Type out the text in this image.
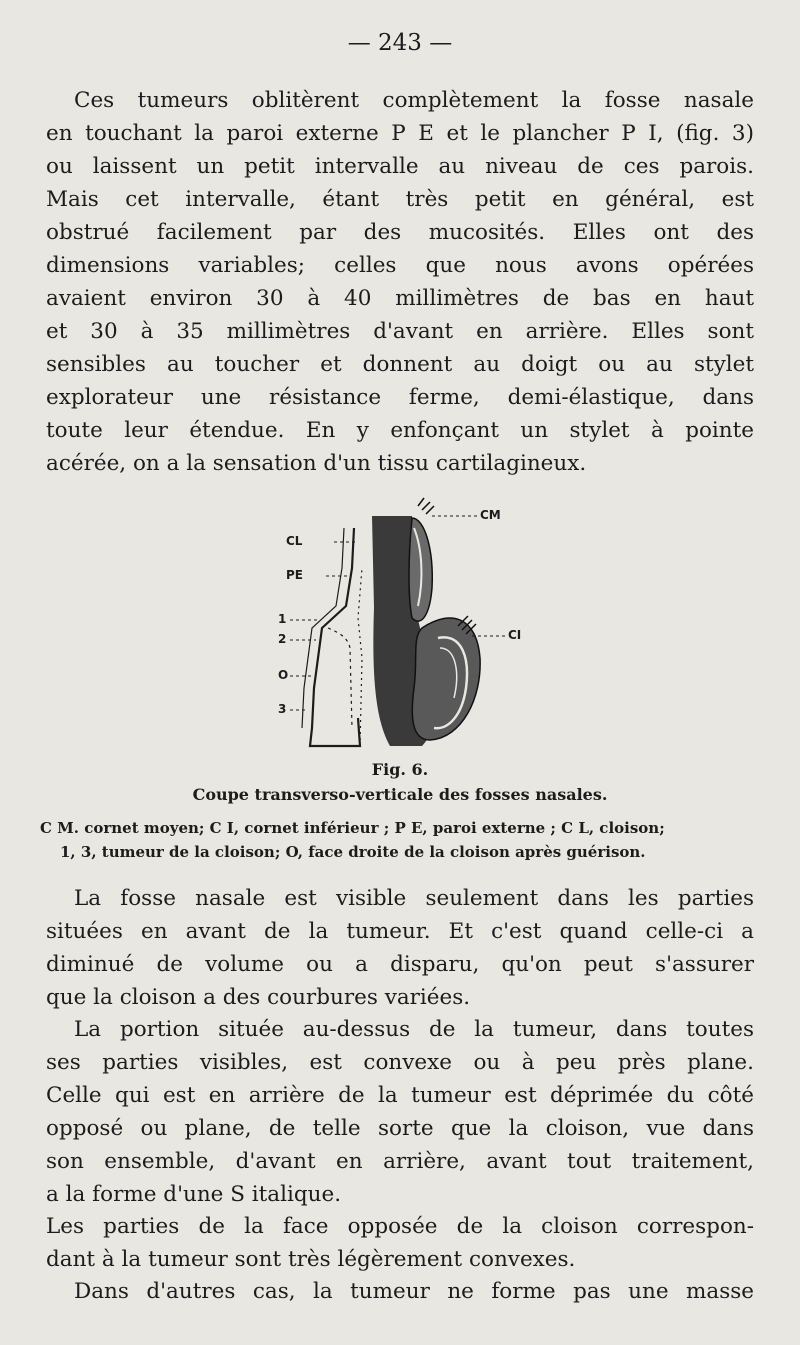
— 243 —
Ces tumeurs oblitèrent complètement la fosse nasale
en touchant la paroi externe P E et le plancher P I, (fig. 3)
ou laissent un petit intervalle au niveau de ces parois.
Mais cet intervalle, étant très petit en général, est
obstrué facilement par des mucosités. Elles ont des
dimensions variables; celles que nous avons opérées
avaient environ 30 à 40 millimètres de bas en haut
et 30 à 35 millimètres d'avant en arrière. Elles sont
sensibles au toucher et donnent au doigt ou au stylet
explorateur une résistance ferme, demi-élastique, dans
toute leur étendue. En y enfonçant un stylet à pointe
acérée, on a la sensation d'un tissu cartilagineux.
CM
CL
PE
CI
1
2
O
3
Fig. 6.
Coupe transverso-verticale des fosses nasales.
C M. cornet moyen; C I, cornet inférieur ; P E, paroi externe ; C L, cloison;
1, 3, tumeur de la cloison; O, face droite de la cloison après guérison.
La fosse nasale est visible seulement dans les parties
situées en avant de la tumeur. Et c'est quand celle-ci a
diminué de volume ou a disparu, qu'on peut s'assurer
que la cloison a des courbures variées.
La portion située au-dessus de la tumeur, dans toutes
ses parties visibles, est convexe ou à peu près plane.
Celle qui est en arrière de la tumeur est déprimée du côté
opposé ou plane, de telle sorte que la cloison, vue dans
son ensemble, d'avant en arrière, avant tout traitement,
a la forme d'une S italique.
Les parties de la face opposée de la cloison correspon-
dant à la tumeur sont très légèrement convexes.
Dans d'autres cas, la tumeur ne forme pas une masse
